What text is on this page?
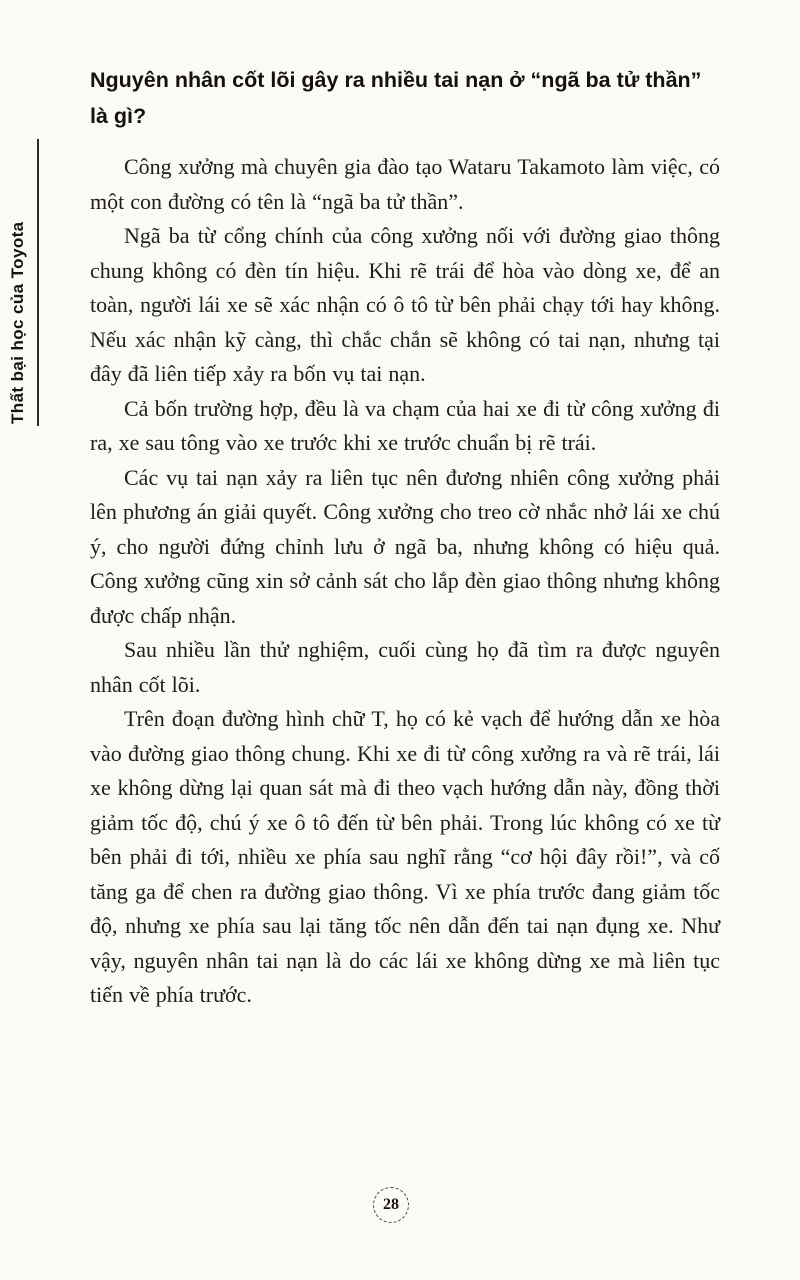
Thất bại học của Toyota
Nguyên nhân cốt lõi gây ra nhiều tai nạn ở “ngã ba tử thần” là gì?

Công xưởng mà chuyên gia đào tạo Wataru Takamoto làm việc, có một con đường có tên là “ngã ba tử thần”.

Ngã ba từ cổng chính của công xưởng nối với đường giao thông chung không có đèn tín hiệu. Khi rẽ trái để hòa vào dòng xe, để an toàn, người lái xe sẽ xác nhận có ô tô từ bên phải chạy tới hay không. Nếu xác nhận kỹ càng, thì chắc chắn sẽ không có tai nạn, nhưng tại đây đã liên tiếp xảy ra bốn vụ tai nạn.

Cả bốn trường hợp, đều là va chạm của hai xe đi từ công xưởng đi ra, xe sau tông vào xe trước khi xe trước chuẩn bị rẽ trái.

Các vụ tai nạn xảy ra liên tục nên đương nhiên công xưởng phải lên phương án giải quyết. Công xưởng cho treo cờ nhắc nhở lái xe chú ý, cho người đứng chỉnh lưu ở ngã ba, nhưng không có hiệu quả. Công xưởng cũng xin sở cảnh sát cho lắp đèn giao thông nhưng không được chấp nhận.

Sau nhiều lần thử nghiệm, cuối cùng họ đã tìm ra được nguyên nhân cốt lõi.

Trên đoạn đường hình chữ T, họ có kẻ vạch để hướng dẫn xe hòa vào đường giao thông chung. Khi xe đi từ công xưởng ra và rẽ trái, lái xe không dừng lại quan sát mà đi theo vạch hướng dẫn này, đồng thời giảm tốc độ, chú ý xe ô tô đến từ bên phải. Trong lúc không có xe từ bên phải đi tới, nhiều xe phía sau nghĩ rằng “cơ hội đây rồi!”, và cố tăng ga để chen ra đường giao thông. Vì xe phía trước đang giảm tốc độ, nhưng xe phía sau lại tăng tốc nên dẫn đến tai nạn đụng xe. Như vậy, nguyên nhân tai nạn là do các lái xe không dừng xe mà liên tục tiến về phía trước.

28
